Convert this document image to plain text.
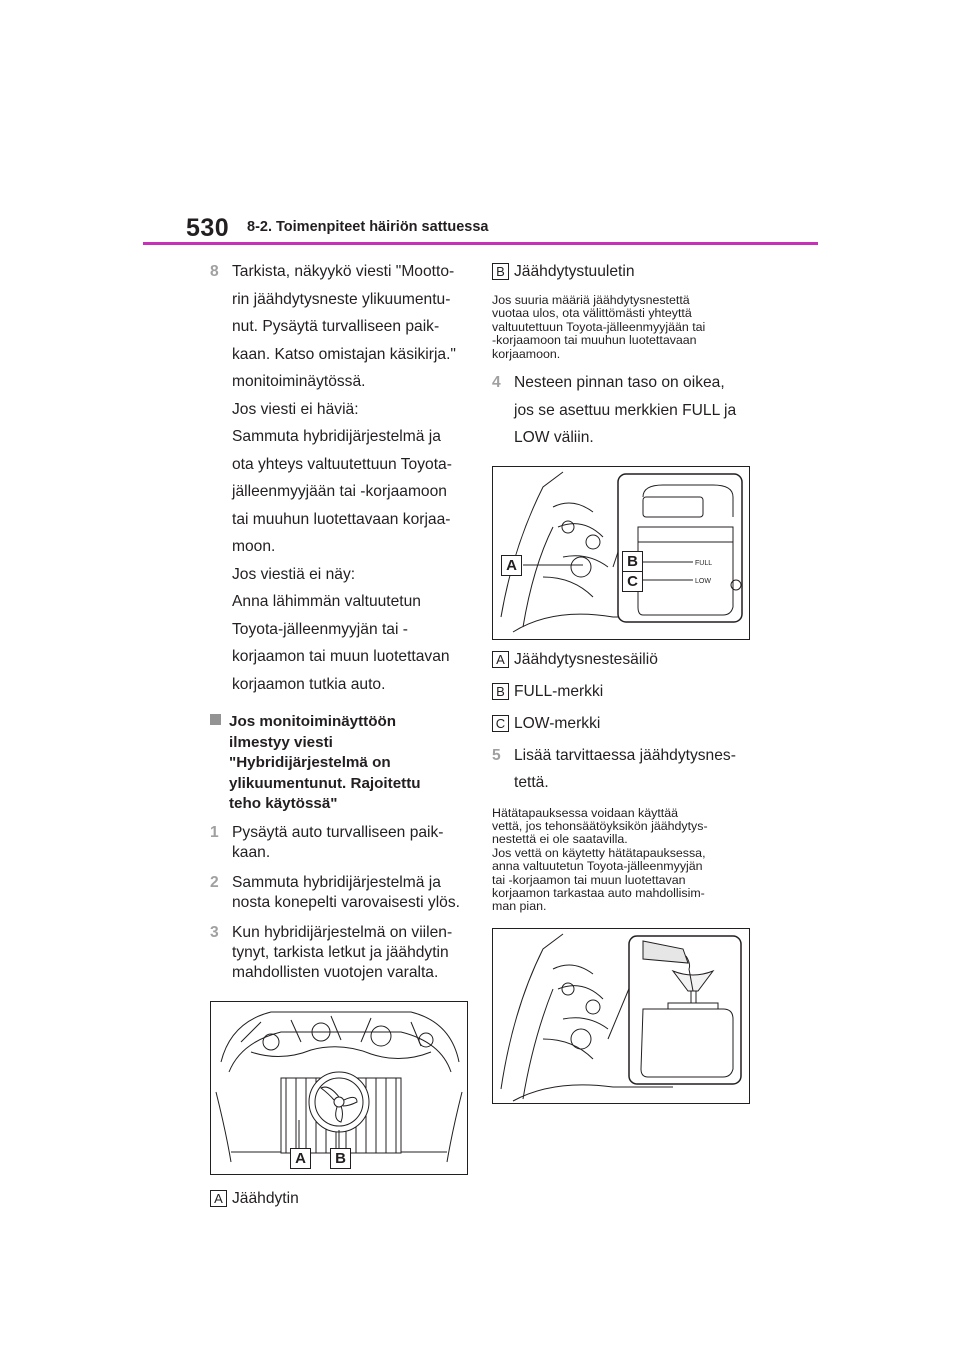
530 8-2. Toimenpiteet häiriön sattuessa
8 Tarkista, näkyykö viesti "Mootto-
rin jäähdytysneste ylikuumentu-
nut. Pysäytä turvalliseen paik-
kaan. Katso omistajan käsikirja."
monitoiminäytössä.
Jos viesti ei häviä:
Sammuta hybridijärjestelmä ja
ota yhteys valtuutettuun Toyota-
jälleenmyyjään tai -korjaamoon
tai muuhun luotettavaan korjaa-
moon.
Jos viestiä ei näy:
Anna lähimmän valtuutetun
Toyota-jälleenmyyjän tai -
korjaamon tai muun luotettavan
korjaamon tutkia auto.
Jos monitoiminäyttöön
ilmestyy viesti
"Hybridijärjestelmä on
ylikuumentunut. Rajoitettu
teho käytössä"
1 Pysäytä auto turvalliseen paik-
kaan.
2 Sammuta hybridijärjestelmä ja
nosta konepelti varovaisesti ylös.
3 Kun hybridijärjestelmä on viilen-
tynyt, tarkista letkut ja jäähdytin
mahdollisten vuotojen varalta.
A	B
A Jäähdytin
B Jäähdytystuuletin
Jos suuria määriä jäähdytysnestettä
vuotaa ulos, ota välittömästi yhteyttä
valtuutettuun Toyota-jälleenmyyjään tai
-korjaamoon tai muuhun luotettavaan
korjaamoon.
4 Nesteen pinnan taso on oikea,
jos se asettuu merkkien FULL ja
LOW väliin.
FULL
LOW
A	B
C
A Jäähdytysnestesäiliö
B FULL-merkki
C LOW-merkki
5 Lisää tarvittaessa jäähdytysnes-
tettä.
Hätätapauksessa voidaan käyttää
vettä, jos tehonsäätöyksikön jäähdytys-
nestettä ei ole saatavilla.
Jos vettä on käytetty hätätapauksessa,
anna valtuutetun Toyota-jälleenmyyjän
tai -korjaamon tai muun luotettavan
korjaamon tarkastaa auto mahdollisim-
man pian.
